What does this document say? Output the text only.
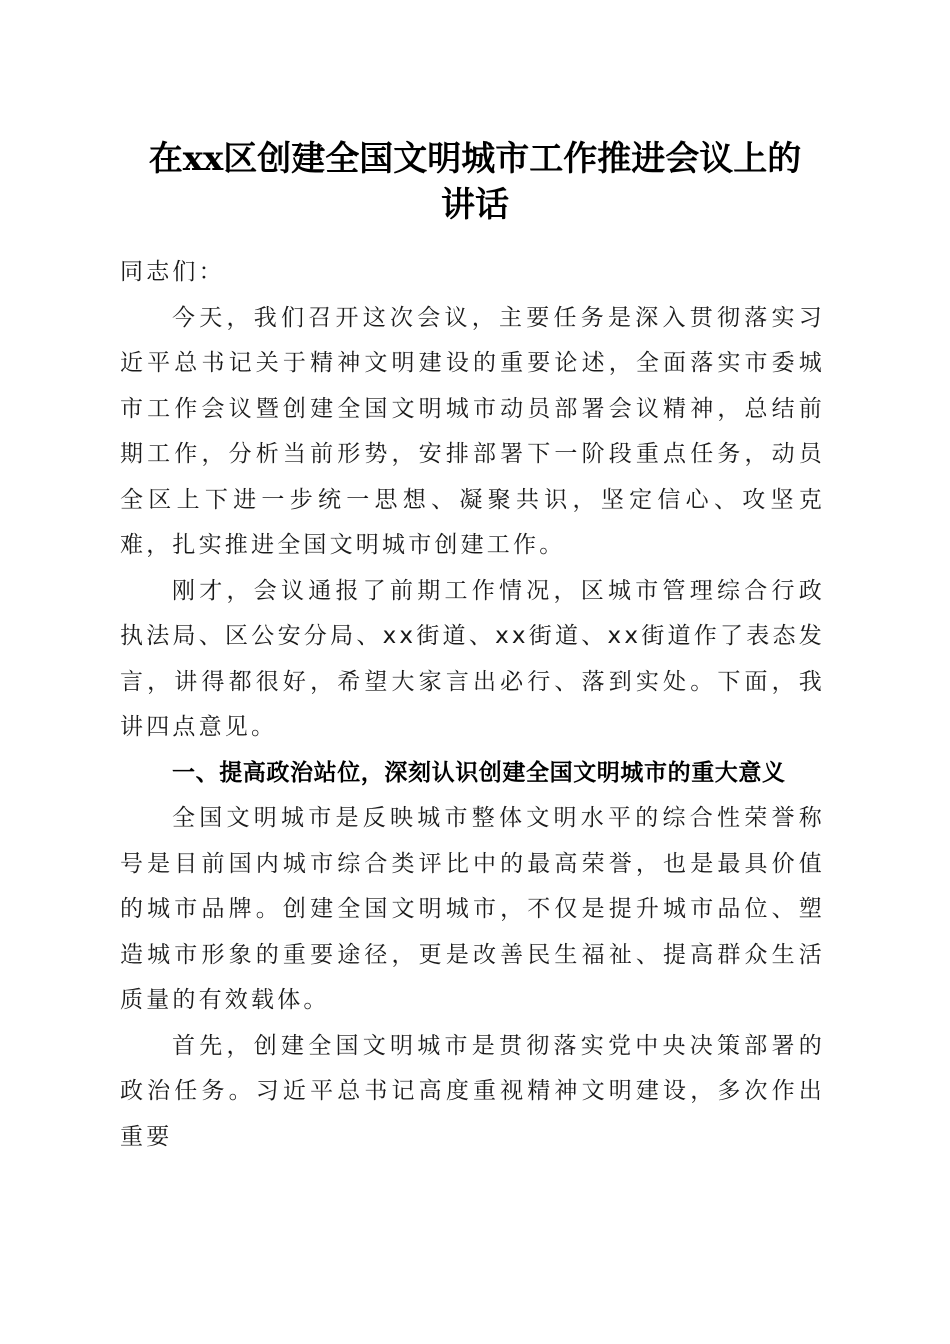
在xx区创建全国文明城市工作推进会议上的
讲话

同志们：

今天，我们召开这次会议，主要任务是深入贯彻落实习近平总书记关于精神文明建设的重要论述，全面落实市委城市工作会议暨创建全国文明城市动员部署会议精神，总结前期工作，分析当前形势，安排部署下一阶段重点任务，动员全区上下进一步统一思想、凝聚共识，坚定信心、攻坚克难，扎实推进全国文明城市创建工作。

刚才，会议通报了前期工作情况，区城市管理综合行政执法局、区公安分局、xx街道、xx街道、xx街道作了表态发言，讲得都很好，希望大家言出必行、落到实处。下面，我讲四点意见。

一、提高政治站位，深刻认识创建全国文明城市的重大意义

全国文明城市是反映城市整体文明水平的综合性荣誉称号是目前国内城市综合类评比中的最高荣誉，也是最具价值的城市品牌。创建全国文明城市，不仅是提升城市品位、塑造城市形象的重要途径，更是改善民生福祉、提高群众生活质量的有效载体。

首先，创建全国文明城市是贯彻落实党中央决策部署的政治任务。习近平总书记高度重视精神文明建设，多次作出重要
